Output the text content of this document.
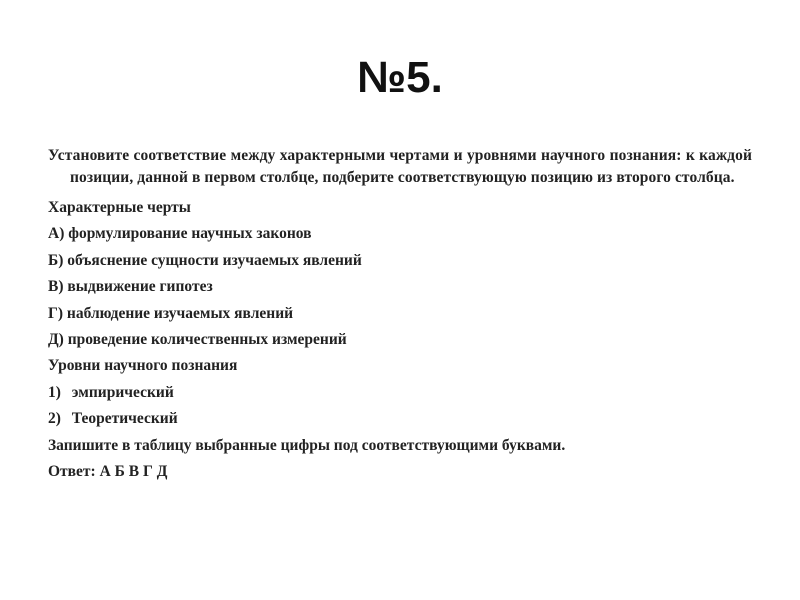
№5.

Установите соответствие между характерными чертами и уровнями научного познания: к каждой позиции, данной в первом столбце, подберите соответствующую позицию из второго столбца.

Характерные черты

А) формулирование научных законов

Б) объяснение сущности изучаемых явлений

В) выдвижение гипотез

Г) наблюдение изучаемых явлений

Д) проведение количественных измерений

Уровни научного познания

1) эмпирический

2) Теоретический

Запишите в таблицу выбранные цифры под соответствующими буквами.

Ответ: А Б В Г Д
